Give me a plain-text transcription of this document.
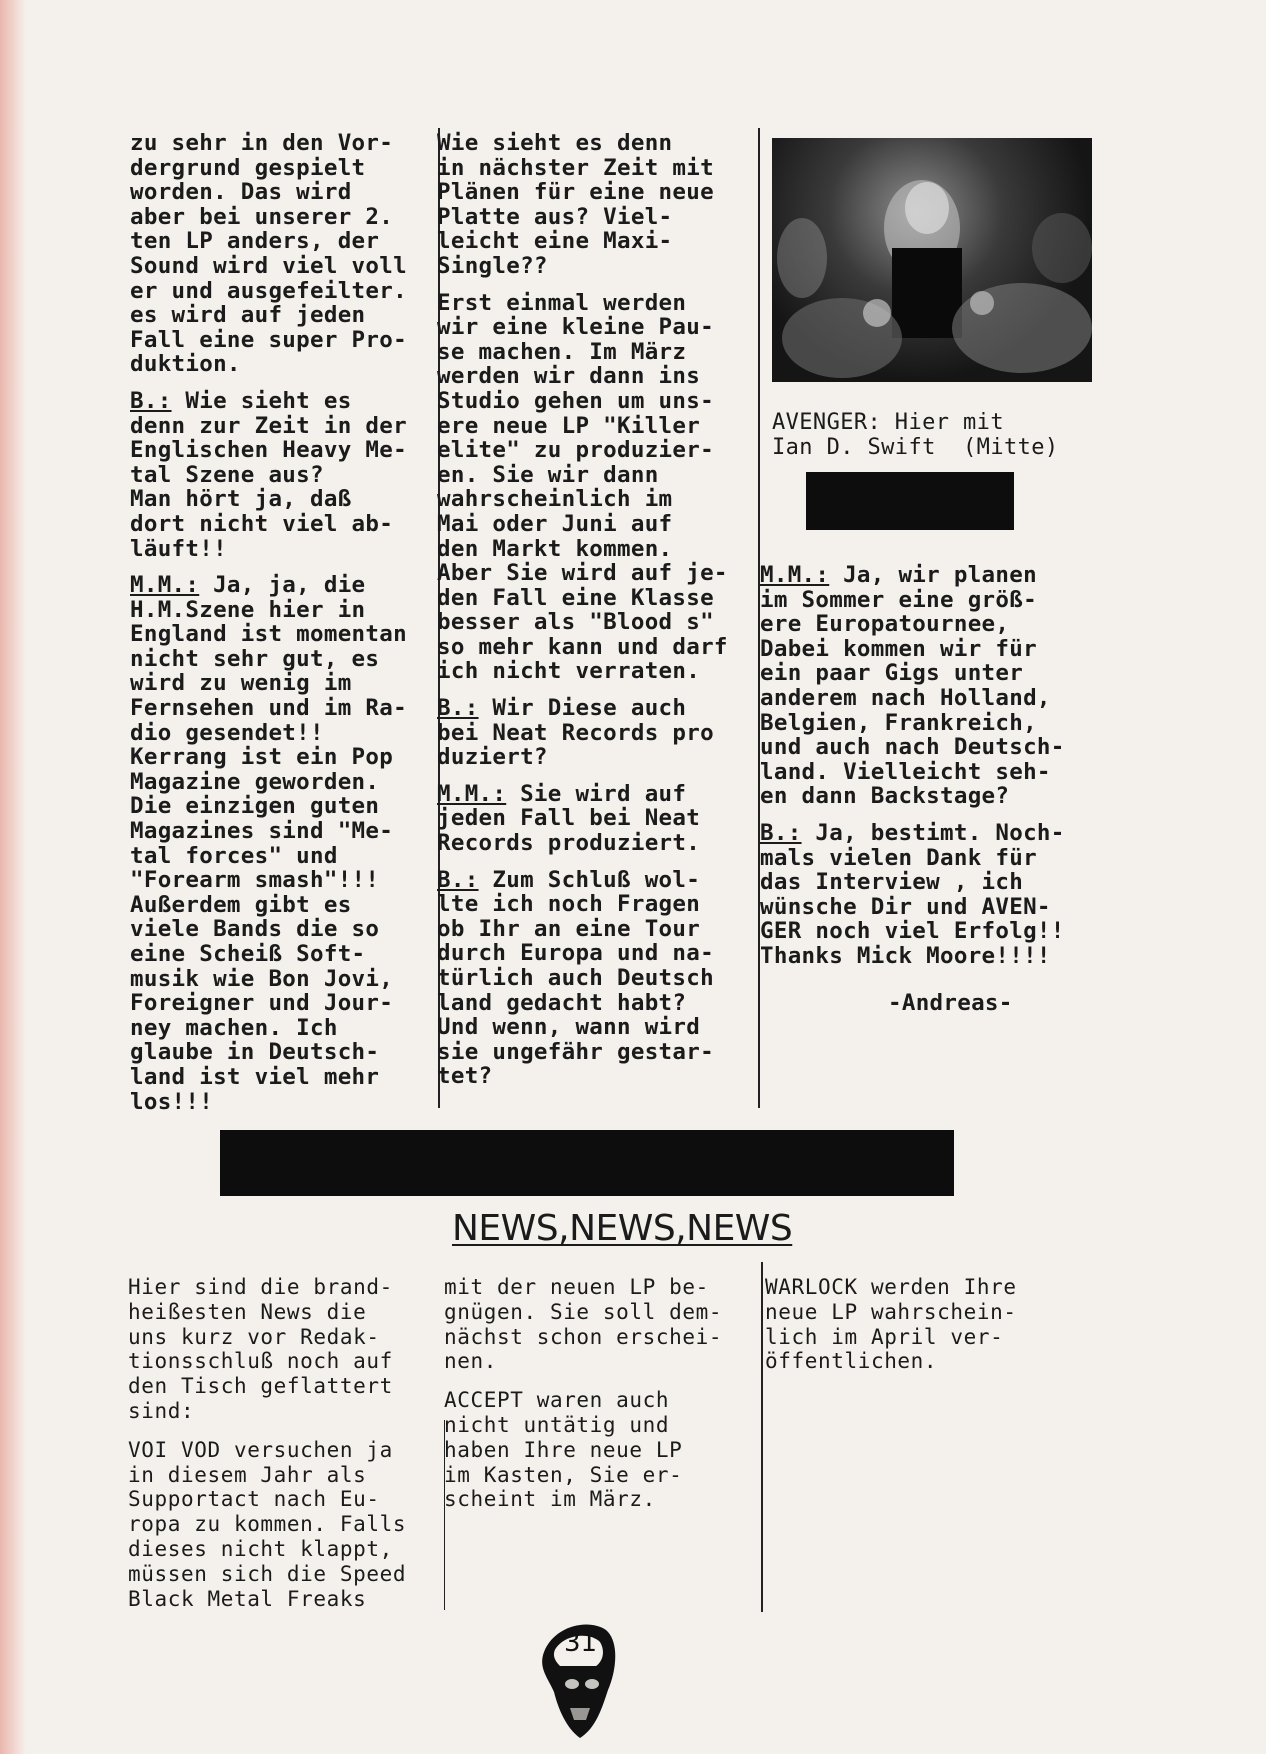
zu sehr in den Vor-
dergrund gespielt
worden. Das wird
aber bei unserer 2.
ten LP anders, der
Sound wird viel voll
er und ausgefeilter.
es wird auf jeden
Fall eine super Pro-
duktion.

B.: Wie sieht es
denn zur Zeit in der
Englischen Heavy Me-
tal Szene aus?
Man hört ja, daß
dort nicht viel ab-
läuft!!

M.M.: Ja, ja, die
H.M.Szene hier in
England ist momentan
nicht sehr gut, es
wird zu wenig im
Fernsehen und im Ra-
dio gesendet!!
Kerrang ist ein Pop
Magazine geworden.
Die einzigen guten
Magazines sind "Me-
tal forces" und
"Forearm smash"!!!
Außerdem gibt es
viele Bands die so
eine Scheiß Soft-
musik wie Bon Jovi,
Foreigner und Jour-
ney machen. Ich
glaube in Deutsch-
land ist viel mehr
los!!!

Wie sieht es denn
in nächster Zeit mit
Plänen für eine neue
Platte aus? Viel-
leicht eine Maxi-
Single??

Erst einmal werden
wir eine kleine Pau-
se machen. Im März
werden wir dann ins
Studio gehen um uns-
ere neue LP "Killer
elite" zu produzier-
en. Sie wir dann
wahrscheinlich im
Mai oder Juni auf
den Markt kommen.
Aber Sie wird auf je-
den Fall eine Klasse
besser als "Blood s"
so mehr kann und darf
ich nicht verraten.

B.: Wir Diese auch
bei Neat Records pro
duziert?

M.M.: Sie wird auf
jeden Fall bei Neat
Records produziert.

B.: Zum Schluß wol-
lte ich noch Fragen
ob Ihr an eine Tour
durch Europa und na-
türlich auch Deutsch
land gedacht habt?
Und wenn, wann wird
sie ungefähr gestar-
tet?

AVENGER: Hier mit
Ian D. Swift  (Mitte)

M.M.: Ja, wir planen
im Sommer eine größ-
ere Europatournee,
Dabei kommen wir für
ein paar Gigs unter
anderem nach Holland,
Belgien, Frankreich,
und auch nach Deutsch-
land. Vielleicht seh-
en dann Backstage?

B.: Ja, bestimt. Noch-
mals vielen Dank für
das Interview , ich
wünsche Dir und AVEN-
GER noch viel Erfolg!!
Thanks Mick Moore!!!!

-Andreas-

NEWS,NEWS,NEWS

Hier sind die brand-
heißesten News die
uns kurz vor Redak-
tionsschluß noch auf
den Tisch geflattert
sind:

VOI VOD versuchen ja
in diesem Jahr als
Supportact nach Eu-
ropa zu kommen. Falls
dieses nicht klappt,
müssen sich die Speed
Black Metal Freaks

mit der neuen LP be-
gnügen. Sie soll dem-
nächst schon erschei-
nen.

ACCEPT waren auch
nicht untätig und
haben Ihre neue LP
im Kasten, Sie er-
scheint im März.

WARLOCK werden Ihre
neue LP wahrschein-
lich im April ver-
öffentlichen.

31
